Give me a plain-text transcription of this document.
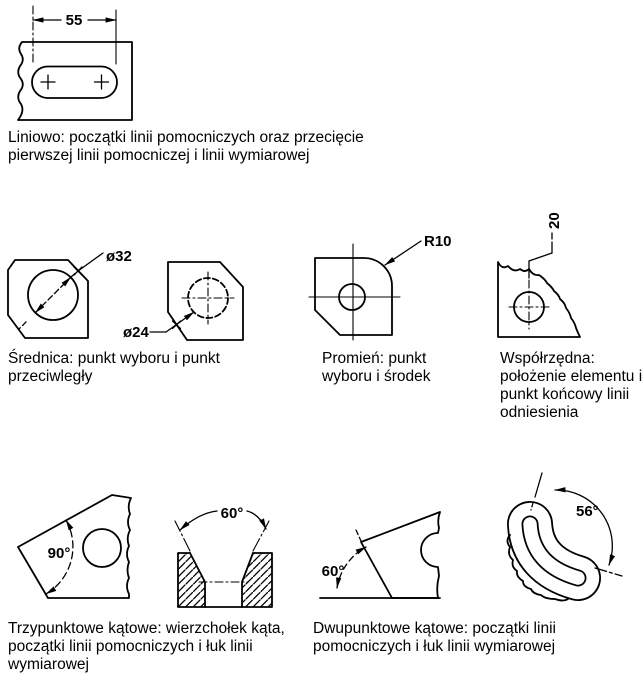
55
Liniowo: początki linii pomocniczych oraz przecięcie pierwszej linii pomocniczej i linii wymiarowej
ø32
ø24
Średnica: punkt wyboru i punkt przeciwległy
R10
Promień: punkt wyboru i środek
20
Współrzędna: położenie elementu i punkt końcowy linii odniesienia
90°
60°
Trzypunktowe kątowe: wierzchołek kąta, początki linii pomocniczych i łuk linii wymiarowej
60°
56°
Dwupunktowe kątowe: początki linii pomocniczych i łuk linii wymiarowej
